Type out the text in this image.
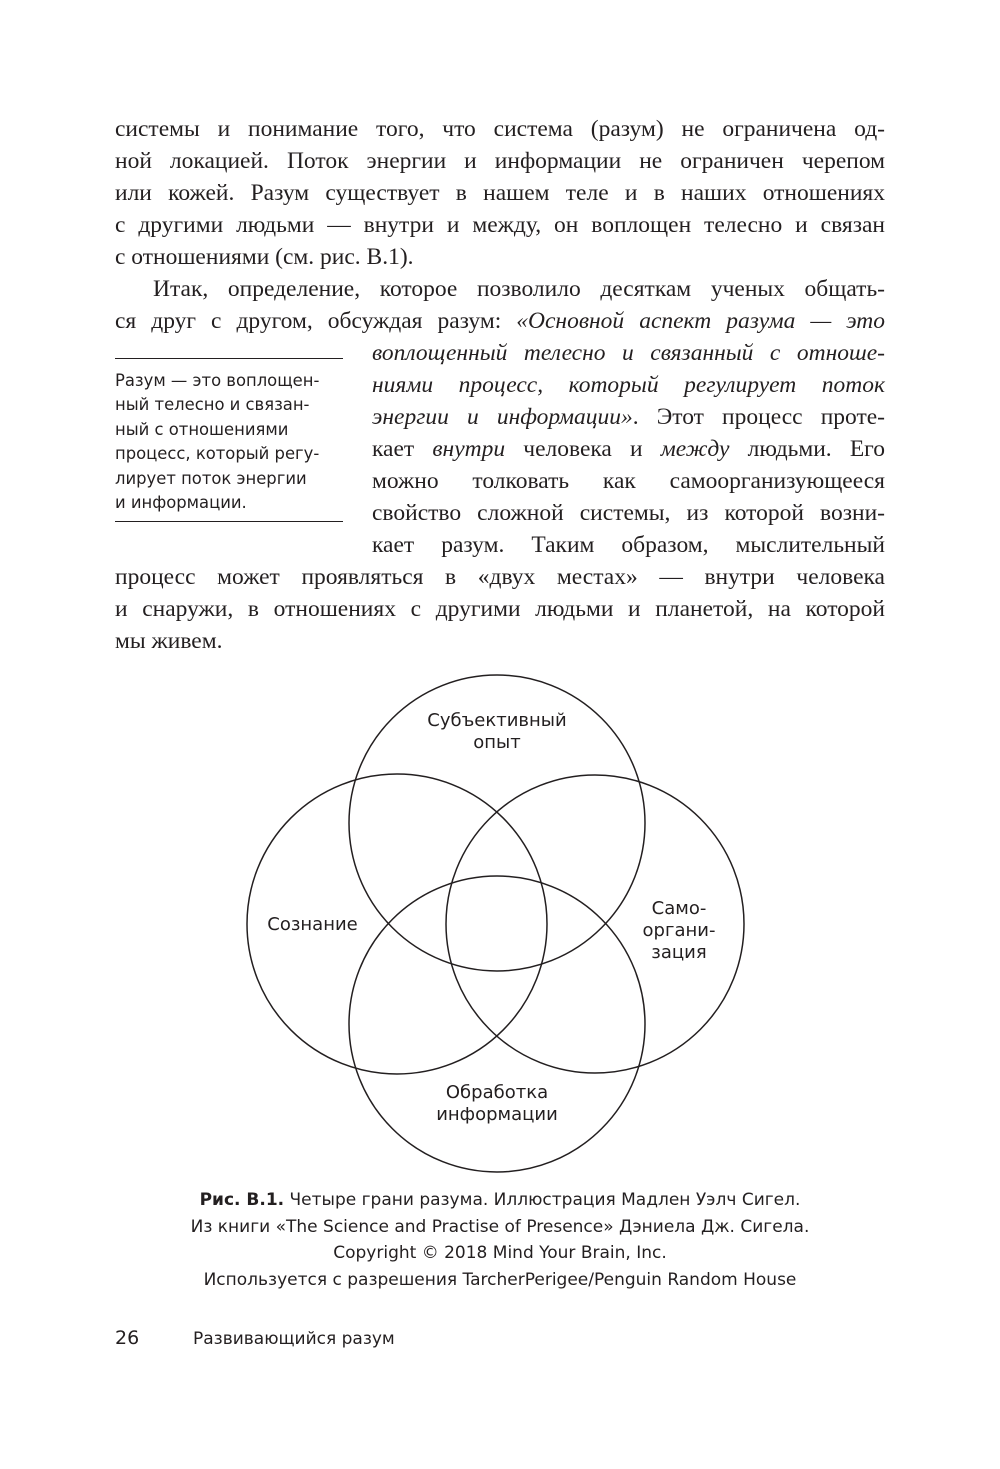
системы и понимание того, что система (разум) не ограничена од-
ной локацией. Поток энергии и информации не ограничен черепом
или кожей. Разум существует в нашем теле и в наших отношениях
с другими людьми — внутри и между, он воплощен телесно и связан
с отношениями (см. рис. В.1).
Итак, определение, которое позволило десяткам ученых общать-
ся друг с другом, обсуждая разум: «Основной аспект разума — это
воплощенный телесно и связанный с отноше-
ниями процесс, который регулирует поток
энергии и информации». Этот процесс проте-
кает внутри человека и между людьми. Его
можно толковать как самоорганизующееся
свойство сложной системы, из которой возни-
кает разум. Таким образом, мыслительный
процесс может проявляться в «двух местах» — внутри человека
и снаружи, в отношениях с другими людьми и планетой, на которой
мы живем.
Разум — это воплощен-
ный телесно и связан-
ный с отношениями
процесс, который регу-
лирует поток энергии
и информации.
Субъективный
опыт
Сознание
Само-
органи-
зация
Обработка
информации
Рис. В.1. Четыре грани разума. Иллюстрация Мадлен Уэлч Сигел.
Из книги «The Science and Practise of Presence» Дэниела Дж. Сигела.
Copyright © 2018 Mind Your Brain, Inc.
Используется с разрешения TarcherPerigee/Penguin Random House
26	Развивающийся разум
